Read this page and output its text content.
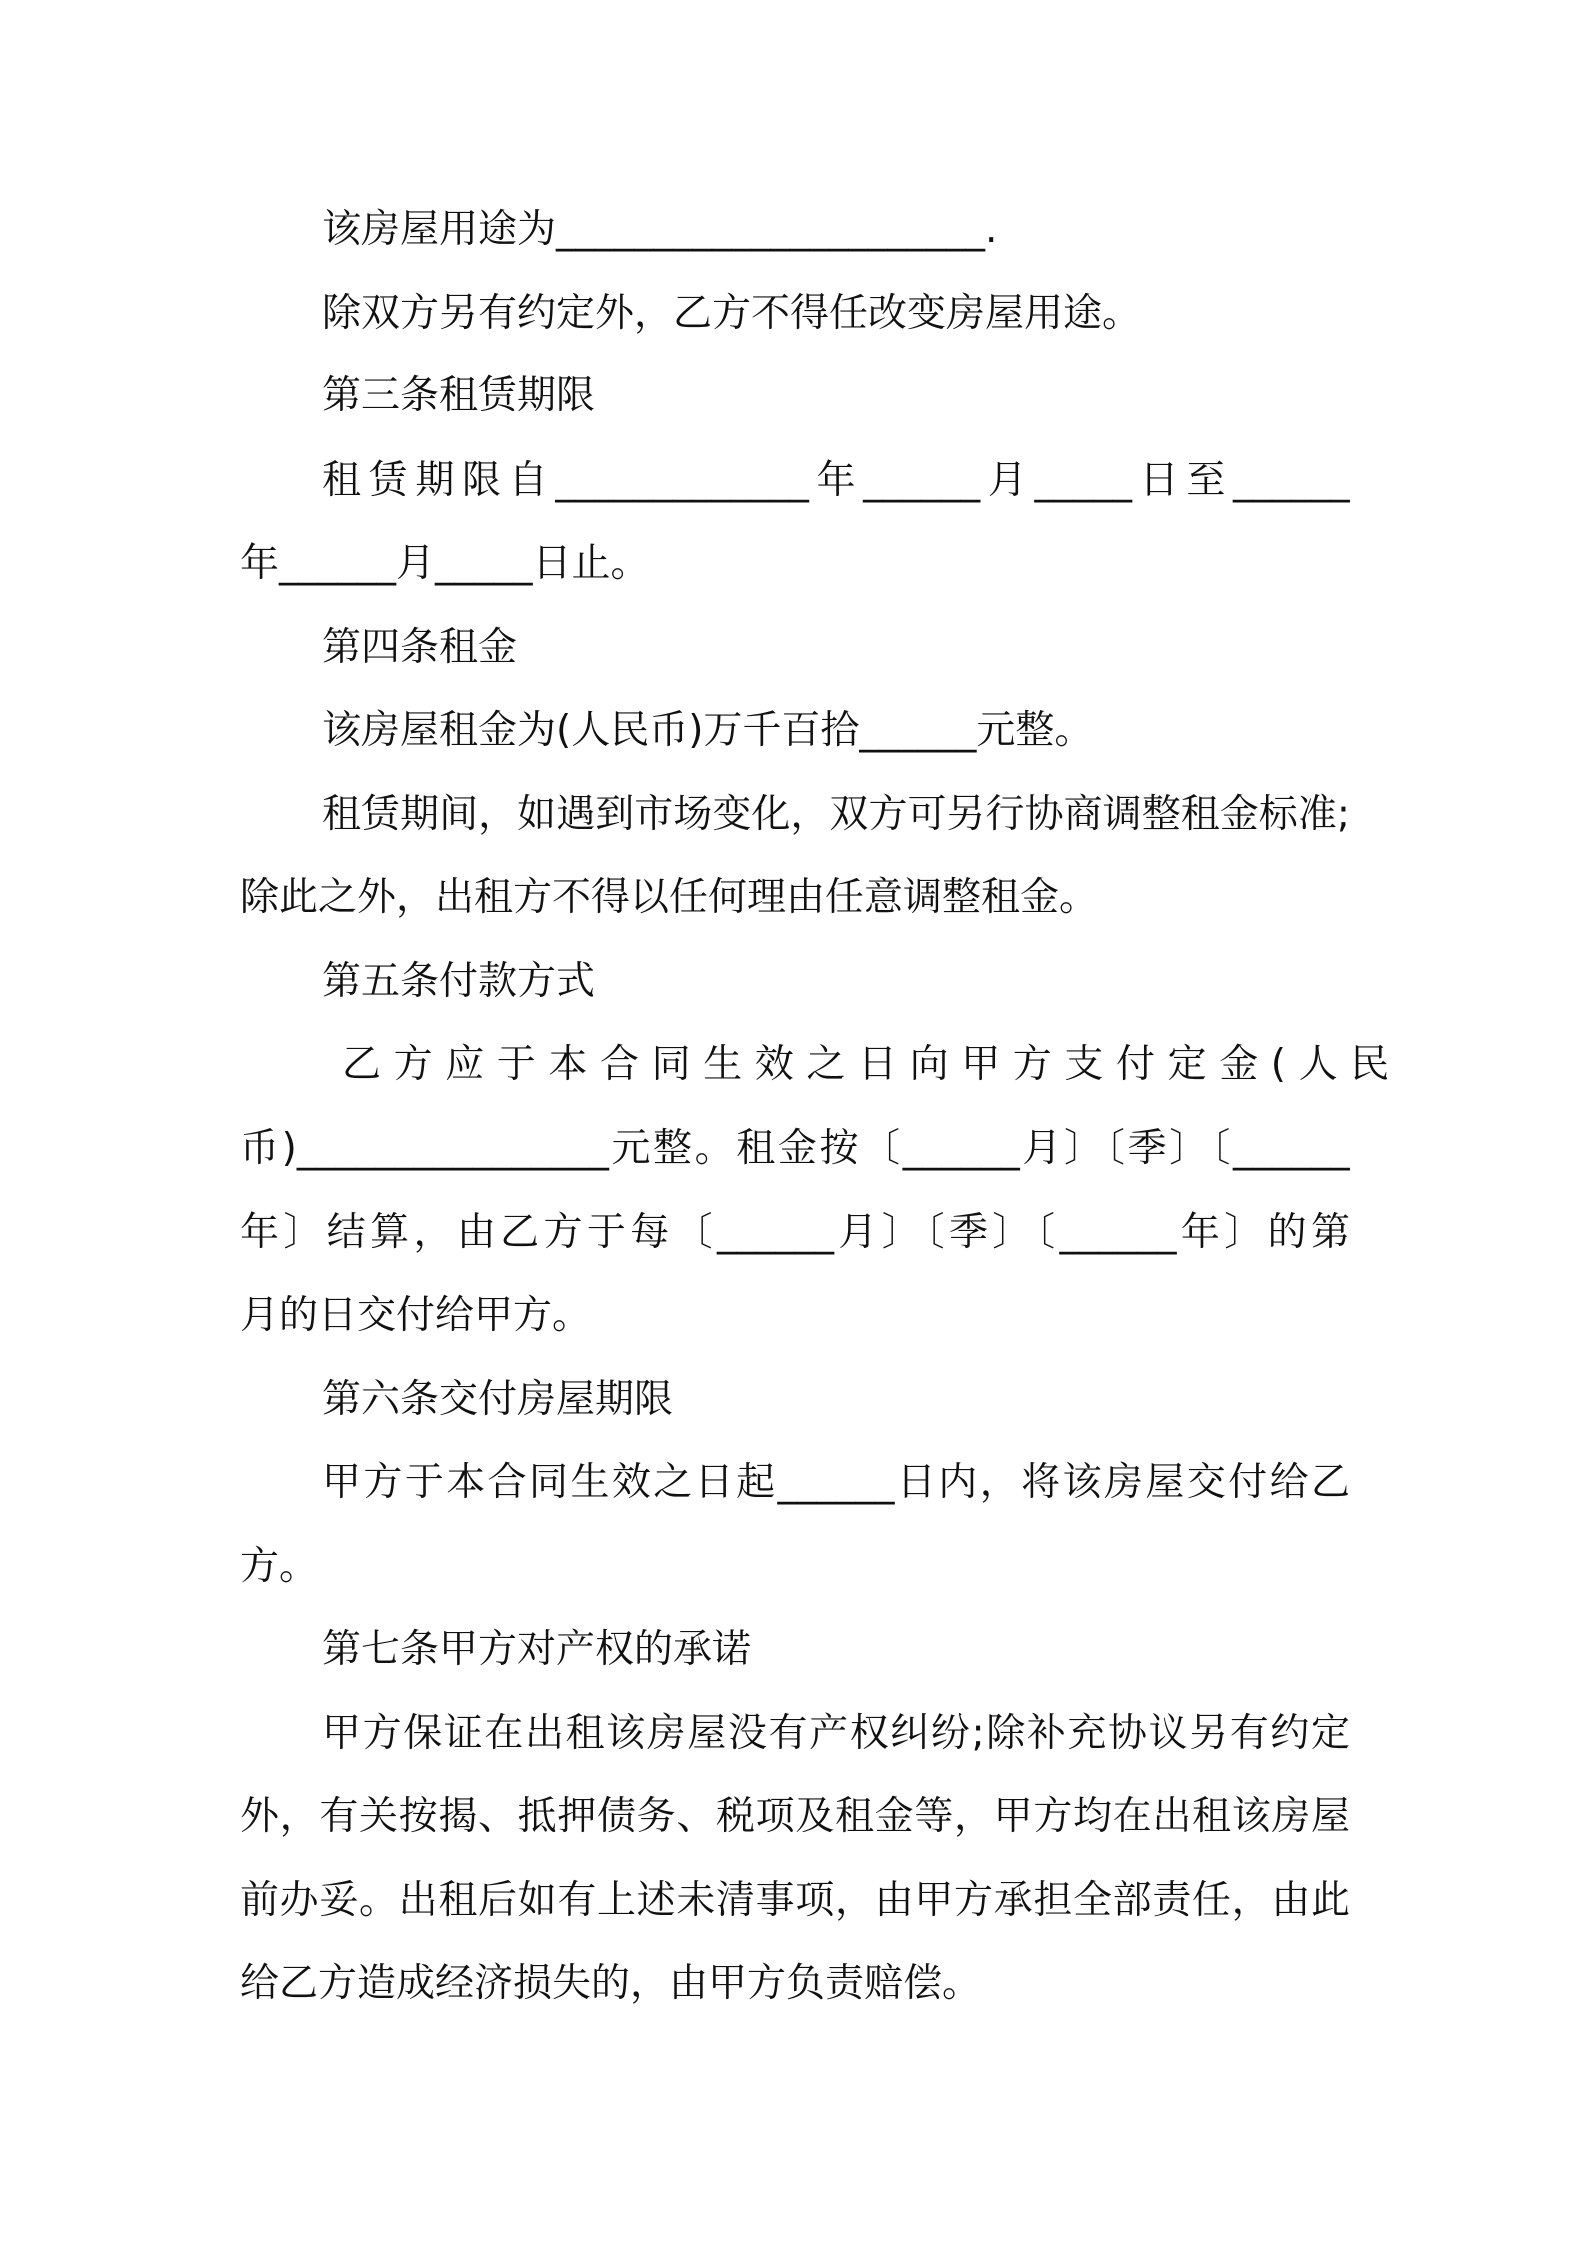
该房屋用途为______________________.
除双方另有约定外，乙方不得任改变房屋用途。
第三条租赁期限
租赁期限自_____________年______月_____日至______
年______月_____日止。
第四条租金
该房屋租金为(人民币)万千百拾______元整。
租赁期间，如遇到市场变化，双方可另行协商调整租金标准;
除此之外，出租方不得以任何理由任意调整租金。
第五条付款方式
乙方应于本合同生效之日向甲方支付定金(人民
币)________________元整。租金按〔______月〕〔季〕〔______
年〕结算，由乙方于每〔______月〕〔季〕〔______年〕的第
月的日交付给甲方。
第六条交付房屋期限
甲方于本合同生效之日起______日内，将该房屋交付给乙
方。
第七条甲方对产权的承诺
甲方保证在出租该房屋没有产权纠纷;除补充协议另有约定
外，有关按揭、抵押债务、税项及租金等，甲方均在出租该房屋
前办妥。出租后如有上述未清事项，由甲方承担全部责任，由此
给乙方造成经济损失的，由甲方负责赔偿。
